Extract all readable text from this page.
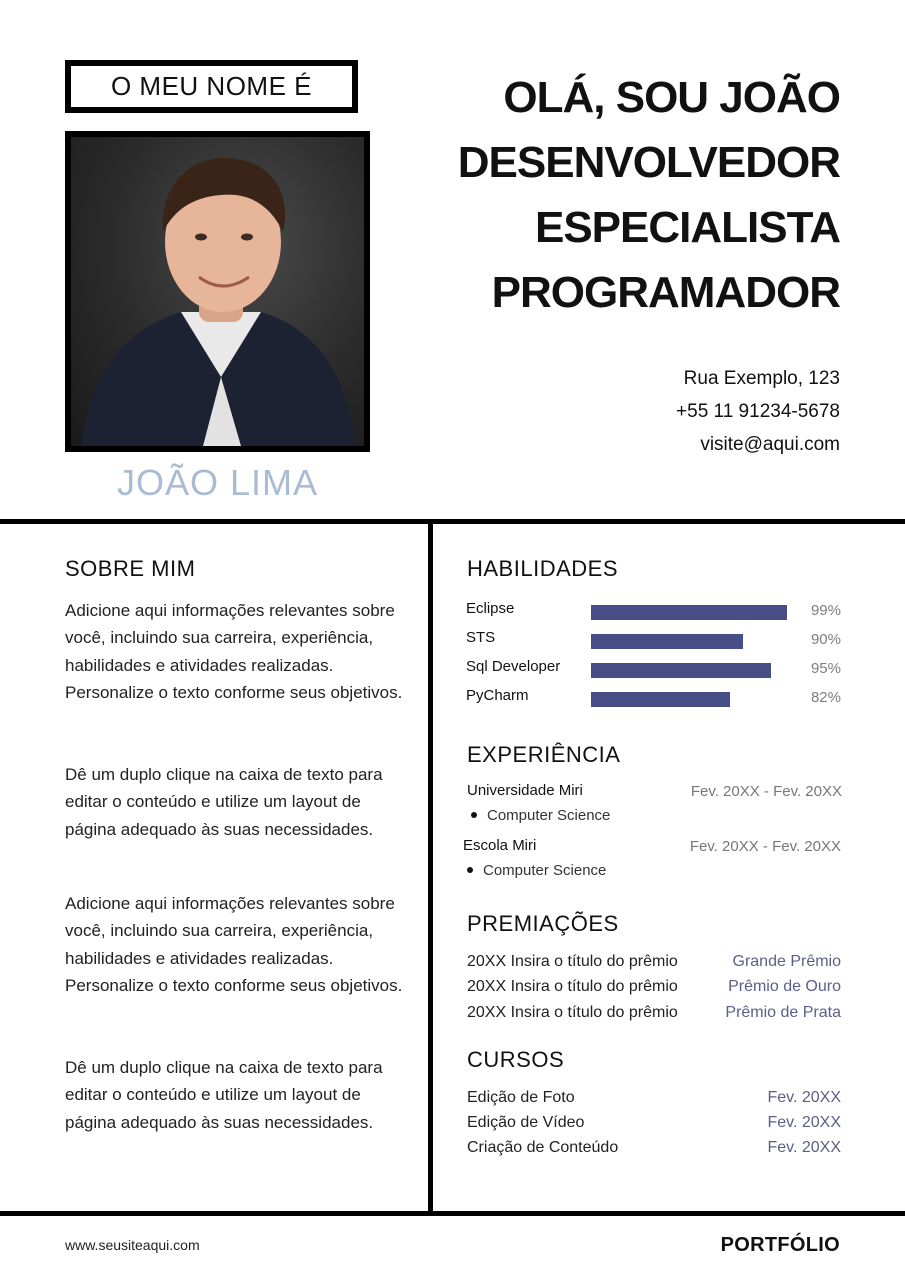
O MEU NOME É
JOÃO LIMA
OLÁ, SOU JOÃO
DESENVOLVEDOR
ESPECIALISTA
PROGRAMADOR
Rua Exemplo, 123
+55 11 91234-5678
visite@aqui.com
SOBRE MIM

Adicione aqui informações relevantes sobre você, incluindo sua carreira, experiência, habilidades e atividades realizadas. Personalize o texto conforme seus objetivos.

Dê um duplo clique na caixa de texto para editar o conteúdo e utilize um layout de página adequado às suas necessidades.

Adicione aqui informações relevantes sobre você, incluindo sua carreira, experiência, habilidades e atividades realizadas. Personalize o texto conforme seus objetivos.

Dê um duplo clique na caixa de texto para editar o conteúdo e utilize um layout de página adequado às suas necessidades.

HABILIDADES
Eclipse	99%
STS	90%
Sql Developer	95%
PyCharm	82%
EXPERIÊNCIA
Universidade Miri	Fev. 20XX - Fev. 20XX
Computer Science
Escola Miri	Fev. 20XX - Fev. 20XX
Computer Science
PREMIAÇÕES
20XX Insira o título do prêmio	Grande Prêmio
20XX Insira o título do prêmio	Prêmio de Ouro
20XX Insira o título do prêmio	Prêmio de Prata
CURSOS
Edição de Foto	Fev. 20XX
Edição de Vídeo	Fev. 20XX
Criação de Conteúdo	Fev. 20XX
www.seusiteaqui.com	PORTFÓLIO
